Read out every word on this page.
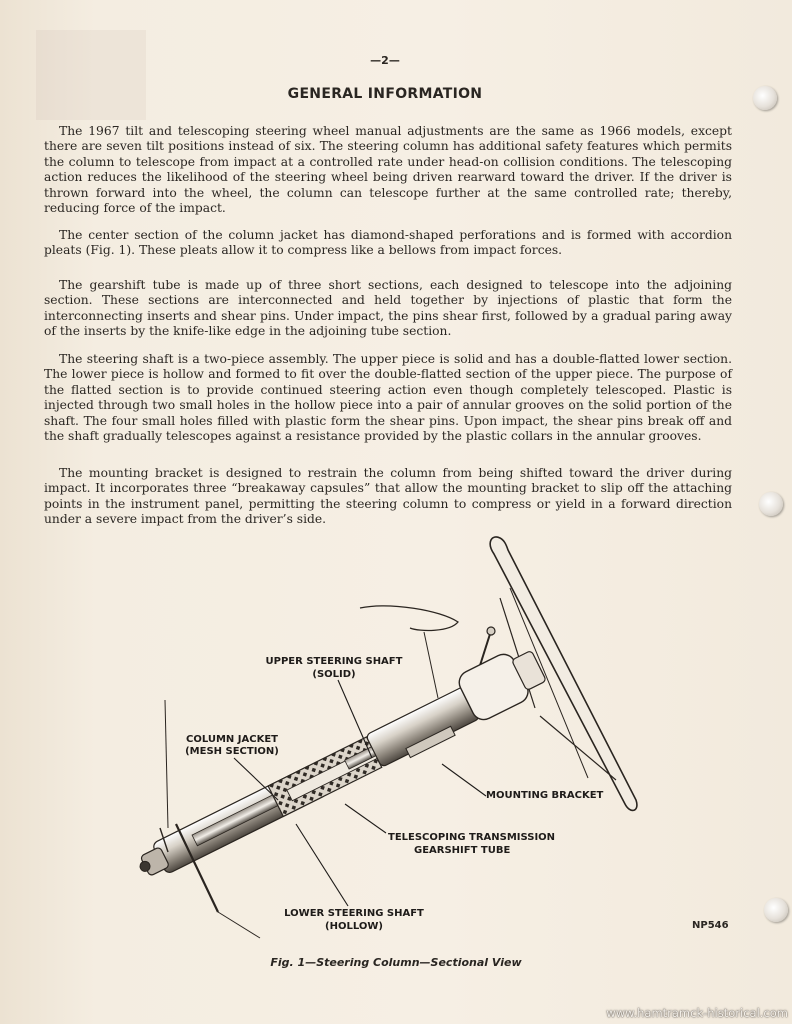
—2—
GENERAL INFORMATION

The 1967 tilt and telescoping steering wheel manual adjustments are the same as 1966 models, except there are seven tilt positions instead of six. The steering column has additional safety features which permits the column to telescope from impact at a controlled rate under head-on collision conditions. The telescoping action reduces the likelihood of the steering wheel being driven rearward toward the driver. If the driver is thrown forward into the wheel, the column can telescope further at the same controlled rate; thereby, reducing force of the impact.

The center section of the column jacket has diamond-shaped perforations and is formed with accordion pleats (Fig. 1). These pleats allow it to compress like a bellows from impact forces.

The gearshift tube is made up of three short sections, each designed to telescope into the adjoining section. These sections are interconnected and held together by injections of plastic that form the interconnecting inserts and shear pins. Under impact, the pins shear first, followed by a gradual paring away of the inserts by the knife-like edge in the adjoining tube section.

The steering shaft is a two-piece assembly. The upper piece is solid and has a double-flatted lower section. The lower piece is hollow and formed to fit over the double-flatted section of the upper piece. The purpose of the flatted section is to provide continued steering action even though completely telescoped. Plastic is injected through two small holes in the hollow piece into a pair of annular grooves on the solid portion of the shaft. The four small holes filled with plastic form the shear pins. Upon impact, the shear pins break off and the shaft gradually telescopes against a resistance provided by the plastic collars in the annular grooves.

The mounting bracket is designed to restrain the column from being shifted toward the driver during impact. It incorporates three “breakaway capsules” that allow the mounting bracket to slip off the attaching points in the instrument panel, permitting the steering column to compress or yield in a forward direction under a severe impact from the driver’s side.

UPPER STEERING SHAFT
(SOLID)
COLUMN JACKET
(MESH SECTION)
MOUNTING BRACKET
TELESCOPING TRANSMISSION
GEARSHIFT TUBE
LOWER STEERING SHAFT
(HOLLOW)	NP546
Fig. 1—Steering Column—Sectional View
www.hamtramck-historical.com
